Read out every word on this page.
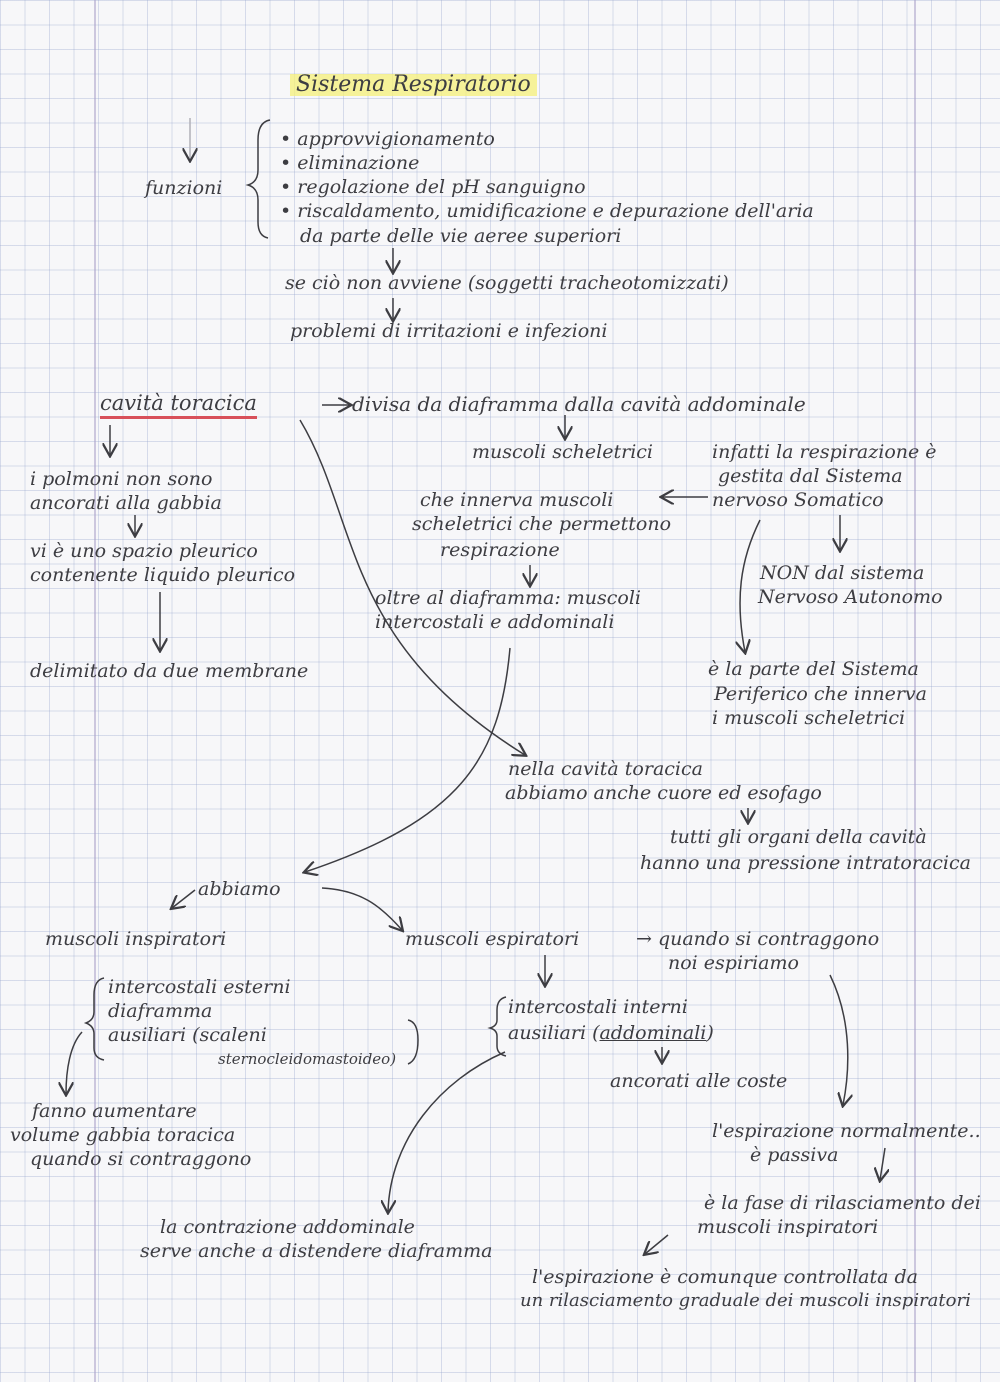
Sistema Respiratorio
funzioni
• approvvigionamento
• eliminazione
• regolazione del pH sanguigno
• riscaldamento, umidificazione e depurazione dell'aria
da parte delle vie aeree superiori
se ciò non avviene (soggetti tracheotomizzati)
problemi di irritazioni e infezioni
cavità toracica	divisa da diaframma dalla cavità addominale
i polmoni non sono
ancorati alla gabbia
vi è uno spazio pleurico
contenente liquido pleurico
delimitato da due membrane
muscoli scheletrici	infatti la respirazione è
gestita dal Sistema
nervoso Somatico
che innerva muscoli
scheletrici che permettono
respirazione
NON dal sistema
Nervoso Autonomo
oltre al diaframma: muscoli
intercostali e addominali
è la parte del Sistema
Periferico che innerva
i muscoli scheletrici
nella cavità toracica
abbiamo anche cuore ed esofago
tutti gli organi della cavità
hanno una pressione intratoracica
abbiamo
muscoli inspiratori
intercostali esterni
diaframma
ausiliari (scaleni
sternocleidomastoideo)
fanno aumentare
volume gabbia toracica
quando si contraggono
muscoli espiratori	→ quando si contraggono
noi espiriamo
intercostali interni
ausiliari (addominali)
ancorati alle coste
l'espirazione normalmente..
è passiva
è la fase di rilasciamento dei
muscoli inspiratori
la contrazione addominale
serve anche a distendere diaframma
l'espirazione è comunque controllata da
un rilasciamento graduale dei muscoli inspiratori
